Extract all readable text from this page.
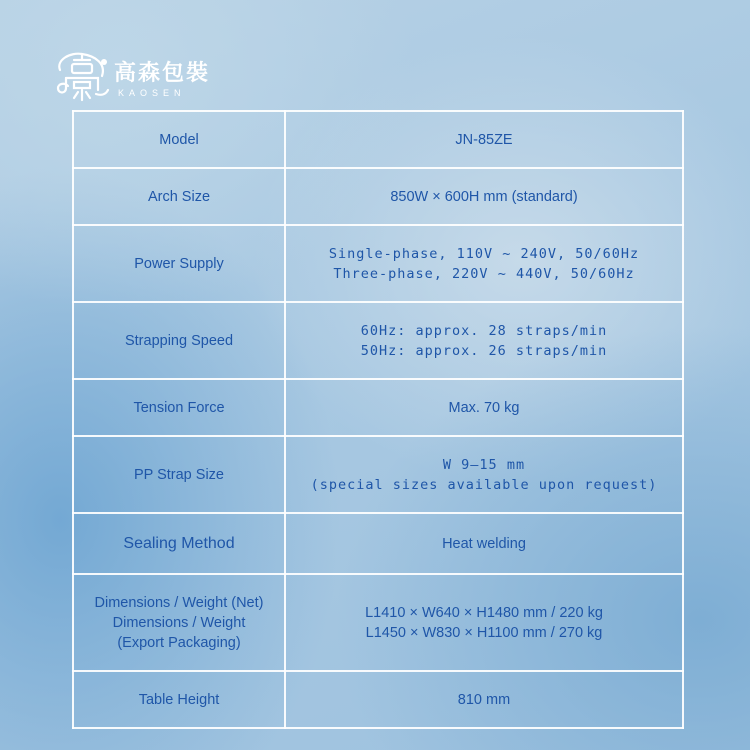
高森包裝
KAOSEN
Model	JN-85ZE

Arch Size	850W × 600H mm (standard)

Power Supply	Single-phase, 110V ~ 240V, 50/60Hz
Three-phase, 220V ~ 440V, 50/60Hz

Strapping Speed	60Hz: approx. 28 straps/min
50Hz: approx. 26 straps/min

Tension Force	Max. 70 kg

PP Strap Size	W 9–15 mm
(special sizes available upon request)

Sealing Method	Heat welding

Dimensions / Weight (Net)
Dimensions / Weight
(Export Packaging)	L1410 × W640 × H1480 mm / 220 kg
L1450 × W830 × H1100 mm / 270 kg

Table Height	810 mm
